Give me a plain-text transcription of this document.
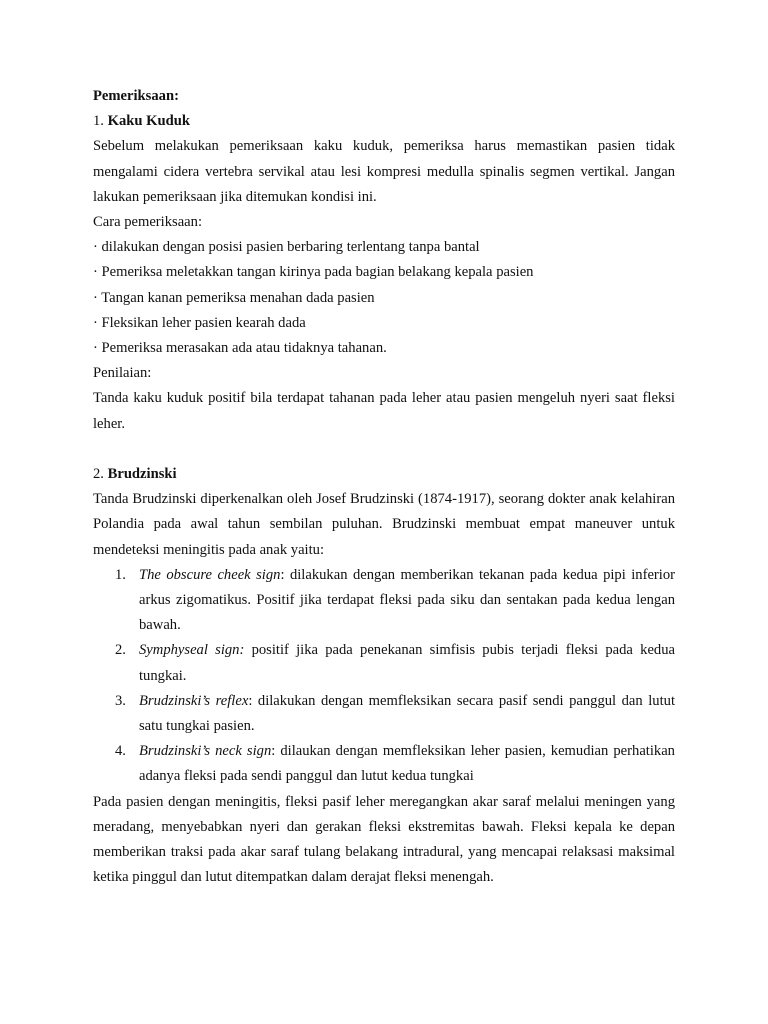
Pemeriksaan:

1. Kaku Kuduk

Sebelum melakukan pemeriksaan kaku kuduk, pemeriksa harus memastikan pasien tidak mengalami cidera vertebra servikal atau lesi kompresi medulla spinalis segmen vertikal. Jangan lakukan pemeriksaan jika ditemukan kondisi ini.

Cara pemeriksaan:

· dilakukan dengan posisi pasien berbaring terlentang tanpa bantal

· Pemeriksa meletakkan tangan kirinya pada bagian belakang kepala pasien

· Tangan kanan pemeriksa menahan dada pasien

· Fleksikan leher pasien kearah dada

· Pemeriksa merasakan ada atau tidaknya tahanan.

Penilaian:

Tanda kaku kuduk positif bila terdapat tahanan pada leher atau pasien mengeluh nyeri saat fleksi leher.

2. Brudzinski

Tanda Brudzinski diperkenalkan oleh Josef Brudzinski (1874-1917), seorang dokter anak kelahiran Polandia pada awal tahun sembilan puluhan. Brudzinski membuat empat maneuver untuk mendeteksi meningitis pada anak yaitu:

1. The obscure cheek sign: dilakukan dengan memberikan tekanan pada kedua pipi inferior arkus zigomatikus. Positif jika terdapat fleksi pada siku dan sentakan pada kedua lengan bawah.
2. Symphyseal sign: positif jika pada penekanan simfisis pubis terjadi fleksi pada kedua tungkai.
3. Brudzinski’s reflex: dilakukan dengan memfleksikan secara pasif sendi panggul dan lutut satu tungkai pasien.
4. Brudzinski’s neck sign: dilaukan dengan memfleksikan leher pasien, kemudian perhatikan adanya fleksi pada sendi panggul dan lutut kedua tungkai

Pada pasien dengan meningitis, fleksi pasif leher meregangkan akar saraf melalui meningen yang meradang, menyebabkan nyeri dan gerakan fleksi ekstremitas bawah. Fleksi kepala ke depan memberikan traksi pada akar saraf tulang belakang intradural, yang mencapai relaksasi maksimal ketika pinggul dan lutut ditempatkan dalam derajat fleksi menengah.
